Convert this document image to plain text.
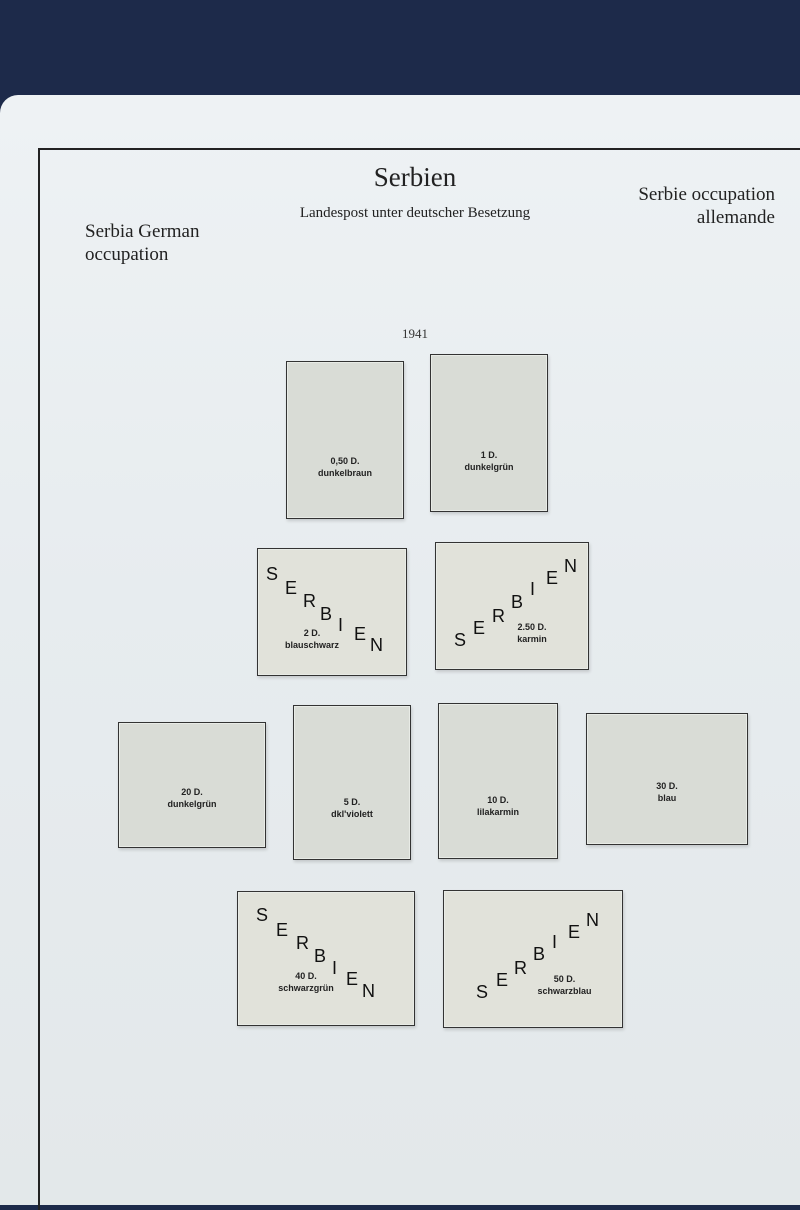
Serbien
Landespost unter deutscher Besetzung
Serbia German
occupation
Serbie occupation
allemande
1941
0,50 D.
dunkelbraun
1 D.
dunkelgrün
S
E
R
B
I E
N
2 D.
blauschwarz	S
E
R
B
I
E
N
2.50 D.
karmin
20 D.
dunkelgrün	5 D.
dkl'violett
10 D.
lilakarmin
30 D.
blau
S
E
R
B
I
E
N
40 D.
schwarzgrün	S
E
R
B
I E
N
50 D.
schwarzblau
